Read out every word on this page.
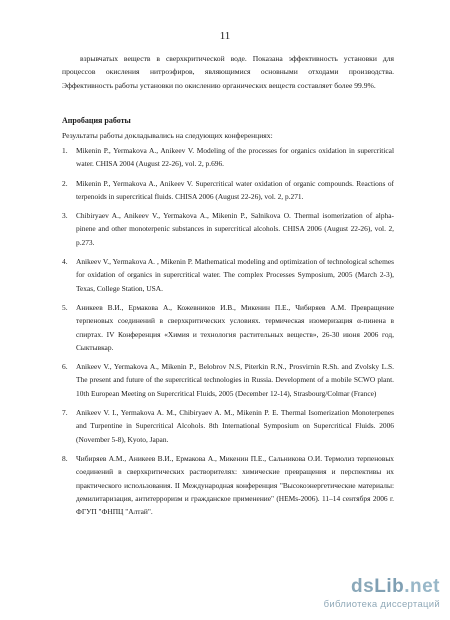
11

взрывчатых веществ в сверхкритической воде. Показана эффективность установки для процессов окисления нитроэфиров, являющимися основными отходами производства. Эффективность работы установки по окислению органических веществ составляет более 99.9%.

Апробация работы
Результаты работы докладывались на следующих конференциях:
1. Mikenin P., Yermakova A., Anikeev V. Modeling of the processes for organics oxidation in supercritical water. CHISA 2004 (August 22-26), vol. 2, p.696.
2. Mikenin P., Yermakova A., Anikeev V. Supercritical water oxidation of organic compounds. Reactions of terpenoids in supercritical fluids. CHISA 2006 (August 22-26), vol. 2, p.271.
3. Chibiryaev A., Anikeev V., Yermakova A., Mikenin P., Salnikova O. Thermal isomerization of alpha-pinene and other monoterpenic substances in supercritical alcohols. CHISA 2006 (August 22-26), vol. 2, p.273.
4. Anikeev V., Yermakova A. , Mikenin P. Mathematical modeling and optimization of technological schemes for oxidation of organics in supercritical water. The complex Processes Symposium, 2005 (March 2-3), Texas, College Station, USA.
5. Аникеев В.И., Ермакова А., Кожевников И.В., Микенин П.Е., Чибиряев А.М. Превращение терпеновых соединений в сверхкритических условиях. термическая изомеризация α-пинена в спиртах. IV Конференция «Химия и технология растительных веществ», 26-30 июня 2006 год, Сыктывкар.
6. Anikeev V., Yermakova A., Mikenin P., Belobrov N.S, Piterkin R.N., Prosvirnin R.Sh. and Zvolsky L.S. The present and future of the supercritical technologies in Russia. Development of a mobile SCWO plant. 10th European Meeting on Supercritical Fluids, 2005 (December 12-14), Strasbourg/Colmar (France)
7. Anikeev V. I., Yermakova A. M., Chibiryaev A. M., Mikenin P. E. Thermal Isomerization Monoterpenes and Turpentine in Supercritical Alcohols. 8th International Symposium on Supercritical Fluids. 2006 (November 5-8), Kyoto, Japan.
8. Чибиряев А.М., Аникеев В.И., Ермакова А., Микенин П.Е., Сальникова О.И. Термолиз терпеновых соединений в сверхкритических растворителях: химические превращения и перспективы их практического использования. II Международная конференция "Высокоэнергетические материалы: демилитаризация, антитерроризм и гражданское применение" (HEMs-2006). 11–14 сентября 2006 г. ФГУП "ФНПЦ "Алтай".
dsLib.net
библиотека диссертаций
